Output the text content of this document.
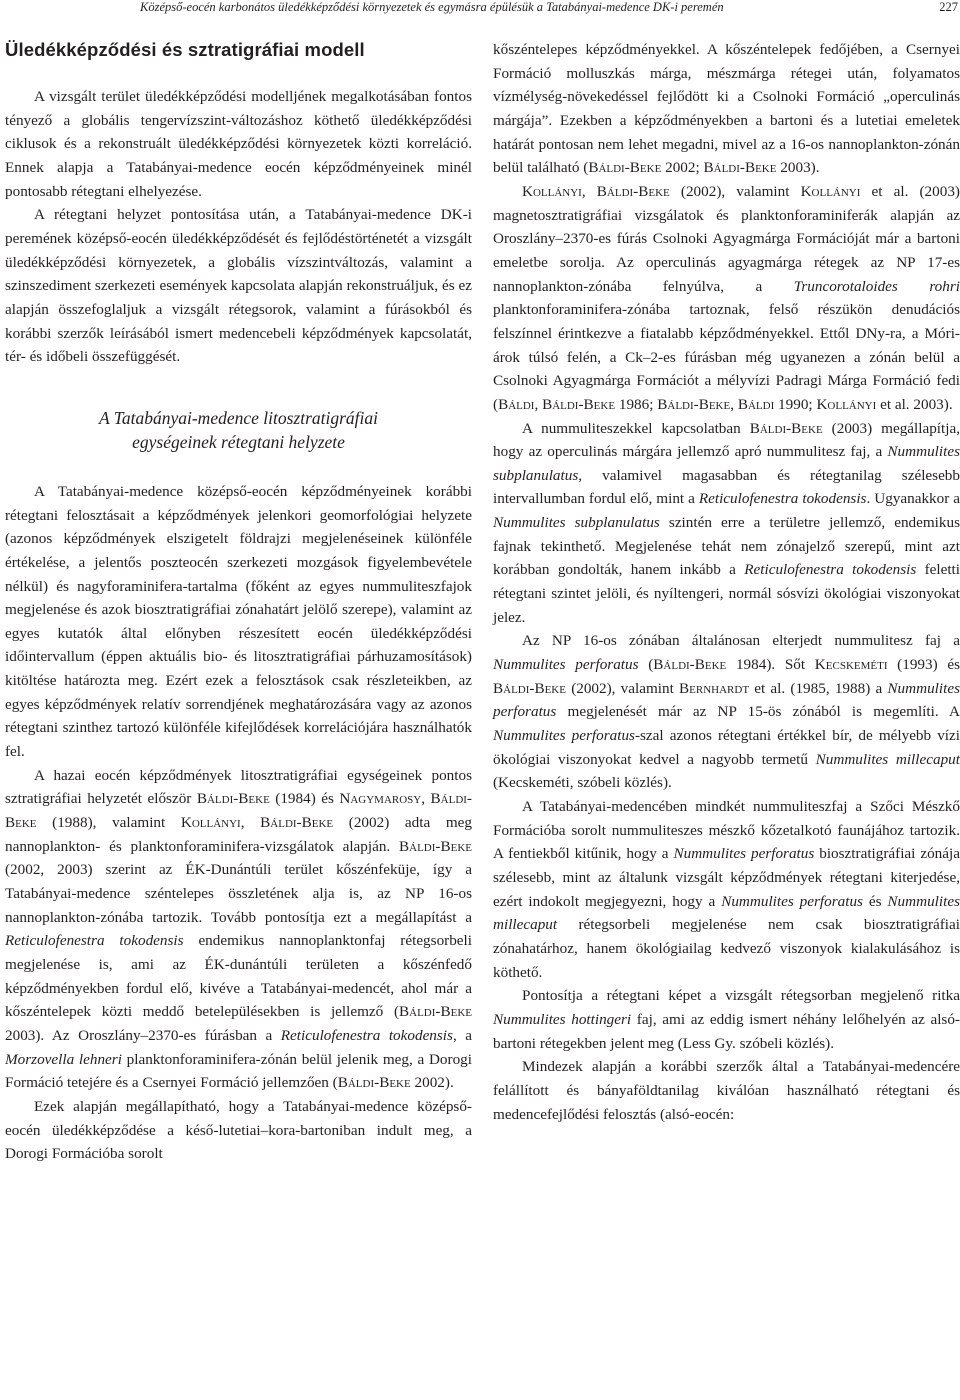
Középső-eocén karbonátos üledékképződési környezetek és egymásra épülésük a Tatabányai-medence DK-i peremén	227
Üledékképződési és sztratigráfiai modell

A vizsgált terület üledékképződési modelljének megalkotásában fontos tényező a globális tengervízszint-változáshoz köthető üledékképződési ciklusok és a rekonstruált üledékképződési környezetek közti korreláció. Ennek alapja a Tatabányai-medence eocén képződményeinek minél pontosabb rétegtani elhelyezése.

A rétegtani helyzet pontosítása után, a Tatabányai-medence DK-i peremének középső-eocén üledékképződését és fejlődéstörténetét a vizsgált üledékképződési környezetek, a globális vízszintváltozás, valamint a szinszediment szerkezeti események kapcsolata alapján rekonstruáljuk, és ez alapján összefoglaljuk a vizsgált rétegsorok, valamint a fúrásokból és korábbi szerzők leírásából ismert medencebeli képződmények kapcsolatát, tér- és időbeli összefüggését.

A Tatabányai-medence litosztratigráfiai
egységeinek rétegtani helyzete

A Tatabányai-medence középső-eocén képződményeinek korábbi rétegtani felosztásait a képződmények jelenkori geomorfológiai helyzete (azonos képződmények elszigetelt földrajzi megjelenéseinek különféle értékelése, a jelentős poszteocén szerkezeti mozgások figyelembevétele nélkül) és nagyforaminifera-tartalma (főként az egyes nummuliteszfajok megjelenése és azok biosztratigráfiai zónahatárt jelölő szerepe), valamint az egyes kutatók által előnyben részesített eocén üledékképződési időintervallum (éppen aktuális bio- és litosztratigráfiai párhuzamosítások) kitöltése határozta meg. Ezért ezek a felosztások csak részleteikben, az egyes képződmények relatív sorrendjének meghatározására vagy az azonos rétegtani szinthez tartozó különféle kifejlődések korrelációjára használhatók fel.

A hazai eocén képződmények litosztratigráfiai egységeinek pontos sztratigráfiai helyzetét először Báldi-Beke (1984) és Nagymarosy, Báldi-Beke (1988), valamint Kollányi, Báldi-Beke (2002) adta meg nannoplankton- és planktonforaminifera-vizsgálatok alapján. Báldi-Beke (2002, 2003) szerint az ÉK-Dunántúli terület kőszénfeküje, így a Tatabányai-medence széntelepes összletének alja is, az NP 16-os nannoplankton-zónába tartozik. Tovább pontosítja ezt a megállapítást a Reticulofenestra tokodensis endemikus nannoplanktonfaj rétegsorbeli megjelenése is, ami az ÉK-dunántúli területen a kőszénfedő képződményekben fordul elő, kivéve a Tatabányai-medencét, ahol már a kőszéntelepek közti meddő betelepülésekben is jellemző (Báldi-Beke 2003). Az Oroszlány–2370-es fúrásban a Reticulofenestra tokodensis, a Morzovella lehneri planktonforaminifera-zónán belül jelenik meg, a Dorogi Formáció tetejére és a Csernyei Formáció jellemzően (Báldi-Beke 2002).

Ezek alapján megállapítható, hogy a Tatabányai-medence középső-eocén üledékképződése a késő-lutetiai–kora-bartoniban indult meg, a Dorogi Formációba sorolt

kőszéntelepes képződményekkel. A kőszéntelepek fedőjében, a Csernyei Formáció molluszkás márga, mészmárga rétegei után, folyamatos vízmélység-növekedéssel fejlődött ki a Csolnoki Formáció „operculinás márgája”. Ezekben a képződményekben a bartoni és a lutetiai emeletek határát pontosan nem lehet megadni, mivel az a 16-os nannoplankton-zónán belül található (Báldi-Beke 2002; Báldi-Beke 2003).

Kollányi, Báldi-Beke (2002), valamint Kollányi et al. (2003) magnetosztratigráfiai vizsgálatok és planktonforaminiferák alapján az Oroszlány–2370-es fúrás Csolnoki Agyagmárga Formációját már a bartoni emeletbe sorolja. Az operculinás agyagmárga rétegek az NP 17-es nannoplankton-zónába felnyúlva, a Truncorotaloides rohri planktonforaminifera-zónába tartoznak, felső részükön denudációs felszínnel érintkezve a fiatalabb képződményekkel. Ettől DNy-ra, a Móri-árok túlsó felén, a Ck–2-es fúrásban még ugyanezen a zónán belül a Csolnoki Agyagmárga Formációt a mélyvízi Padragi Márga Formáció fedi (Báldi, Báldi-Beke 1986; Báldi-Beke, Báldi 1990; Kollányi et al. 2003).

A nummuliteszekkel kapcsolatban Báldi-Beke (2003) megállapítja, hogy az operculinás márgára jellemző apró nummulitesz faj, a Nummulites subplanulatus, valamivel magasabban és rétegtanilag szélesebb intervallumban fordul elő, mint a Reticulofenestra tokodensis. Ugyanakkor a Nummulites subplanulatus szintén erre a területre jellemző, endemikus fajnak tekinthető. Megjelenése tehát nem zónajelző szerepű, mint azt korábban gondolták, hanem inkább a Reticulofenestra tokodensis feletti rétegtani szintet jelöli, és nyíltengeri, normál sósvízi ökológiai viszonyokat jelez.

Az NP 16-os zónában általánosan elterjedt nummulitesz faj a Nummulites perforatus (Báldi-Beke 1984). Sőt Kecskeméti (1993) és Báldi-Beke (2002), valamint Bernhardt et al. (1985, 1988) a Nummulites perforatus megjelenését már az NP 15-ös zónából is megemlíti. A Nummulites perforatus-szal azonos rétegtani értékkel bír, de mélyebb vízi ökológiai viszonyokat kedvel a nagyobb termetű Nummulites millecaput (Kecskeméti, szóbeli közlés).

A Tatabányai-medencében mindkét nummuliteszfaj a Szőci Mészkő Formációba sorolt nummuliteszes mészkő kőzetalkotó faunájához tartozik. A fentiekből kitűnik, hogy a Nummulites perforatus biosztratigráfiai zónája szélesebb, mint az általunk vizsgált képződmények rétegtani kiterjedése, ezért indokolt megjegyezni, hogy a Nummulites perforatus és Nummulites millecaput rétegsorbeli megjelenése nem csak biosztratigráfiai zónahatárhoz, hanem ökológiailag kedvező viszonyok kialakulásához is köthető.

Pontosítja a rétegtani képet a vizsgált rétegsorban megjelenő ritka Nummulites hottingeri faj, ami az eddig ismert néhány lelőhelyén az alsó-bartoni rétegekben jelent meg (Less Gy. szóbeli közlés).

Mindezek alapján a korábbi szerzők által a Tatabányai-medencére felállított és bányaföldtanilag kiválóan használható rétegtani és medencefejlődési felosztás (alsó-eocén:
